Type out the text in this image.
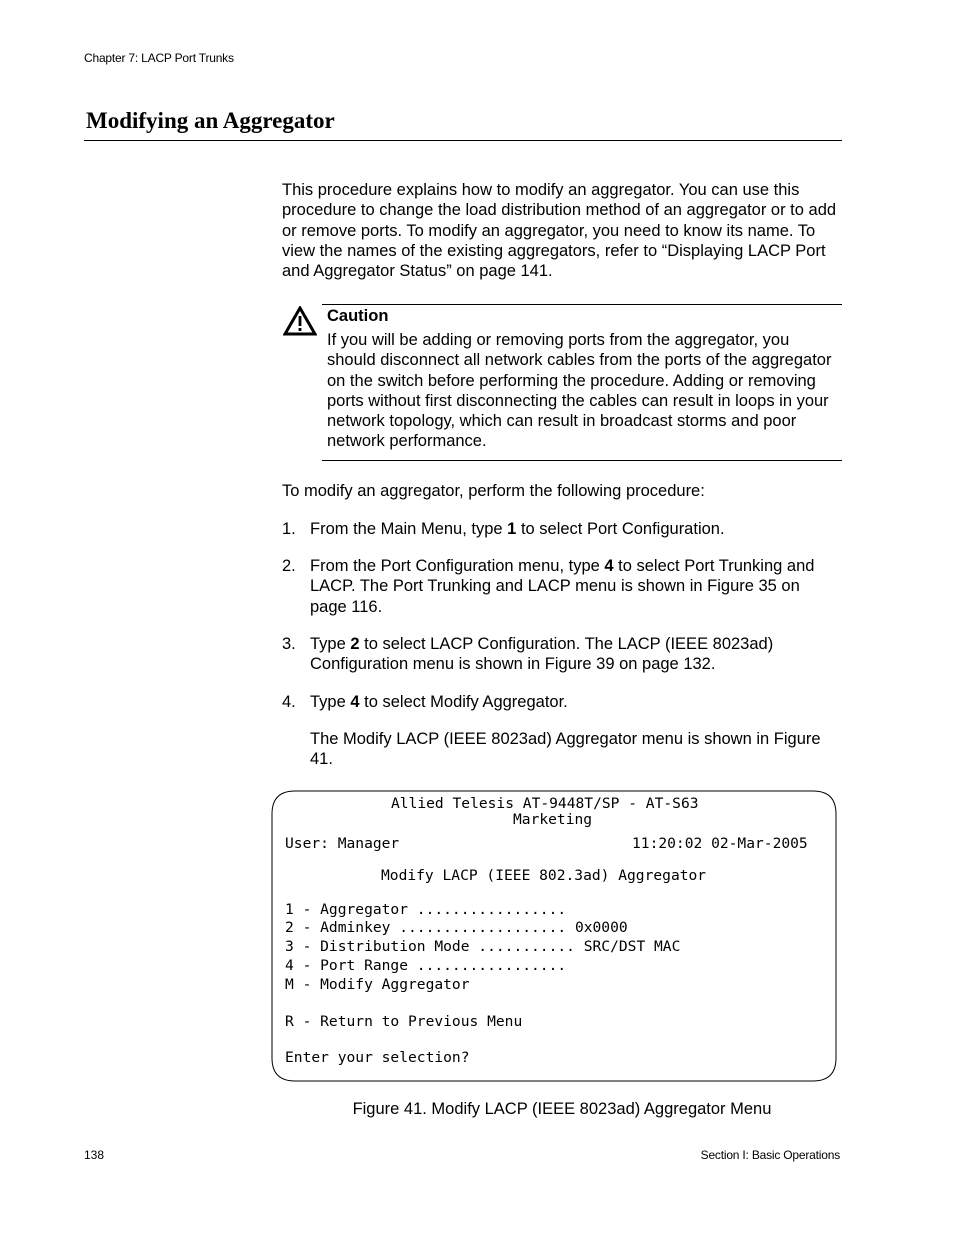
Chapter 7: LACP Port Trunks
Modifying an Aggregator
This procedure explains how to modify an aggregator. You can use this procedure to change the load distribution method of an aggregator or to add or remove ports. To modify an aggregator, you need to know its name. To view the names of the existing aggregators, refer to “Displaying LACP Port and Aggregator Status” on page 141.
Caution
If you will be adding or removing ports from the aggregator, you should disconnect all network cables from the ports of the aggregator on the switch before performing the procedure. Adding or removing ports without first disconnecting the cables can result in loops in your network topology, which can result in broadcast storms and poor network performance.
To modify an aggregator, perform the following procedure:
1. From the Main Menu, type 1 to select Port Configuration.
2. From the Port Configuration menu, type 4 to select Port Trunking and LACP. The Port Trunking and LACP menu is shown in Figure 35 on page 116.
3. Type 2 to select LACP Configuration. The LACP (IEEE 8023ad) Configuration menu is shown in Figure 39 on page 132.
4. Type 4 to select Modify Aggregator.
The Modify LACP (IEEE 8023ad) Aggregator menu is shown in Figure 41.
Allied Telesis AT-9448T/SP - AT-S63
Marketing
User: Manager	11:20:02 02-Mar-2005
Modify LACP (IEEE 802.3ad) Aggregator
1 - Aggregator .................
2 - Adminkey ................... 0x0000
3 - Distribution Mode ........... SRC/DST MAC
4 - Port Range .................
M - Modify Aggregator
R - Return to Previous Menu
Enter your selection?
Figure 41. Modify LACP (IEEE 8023ad) Aggregator Menu
138	Section I: Basic Operations
